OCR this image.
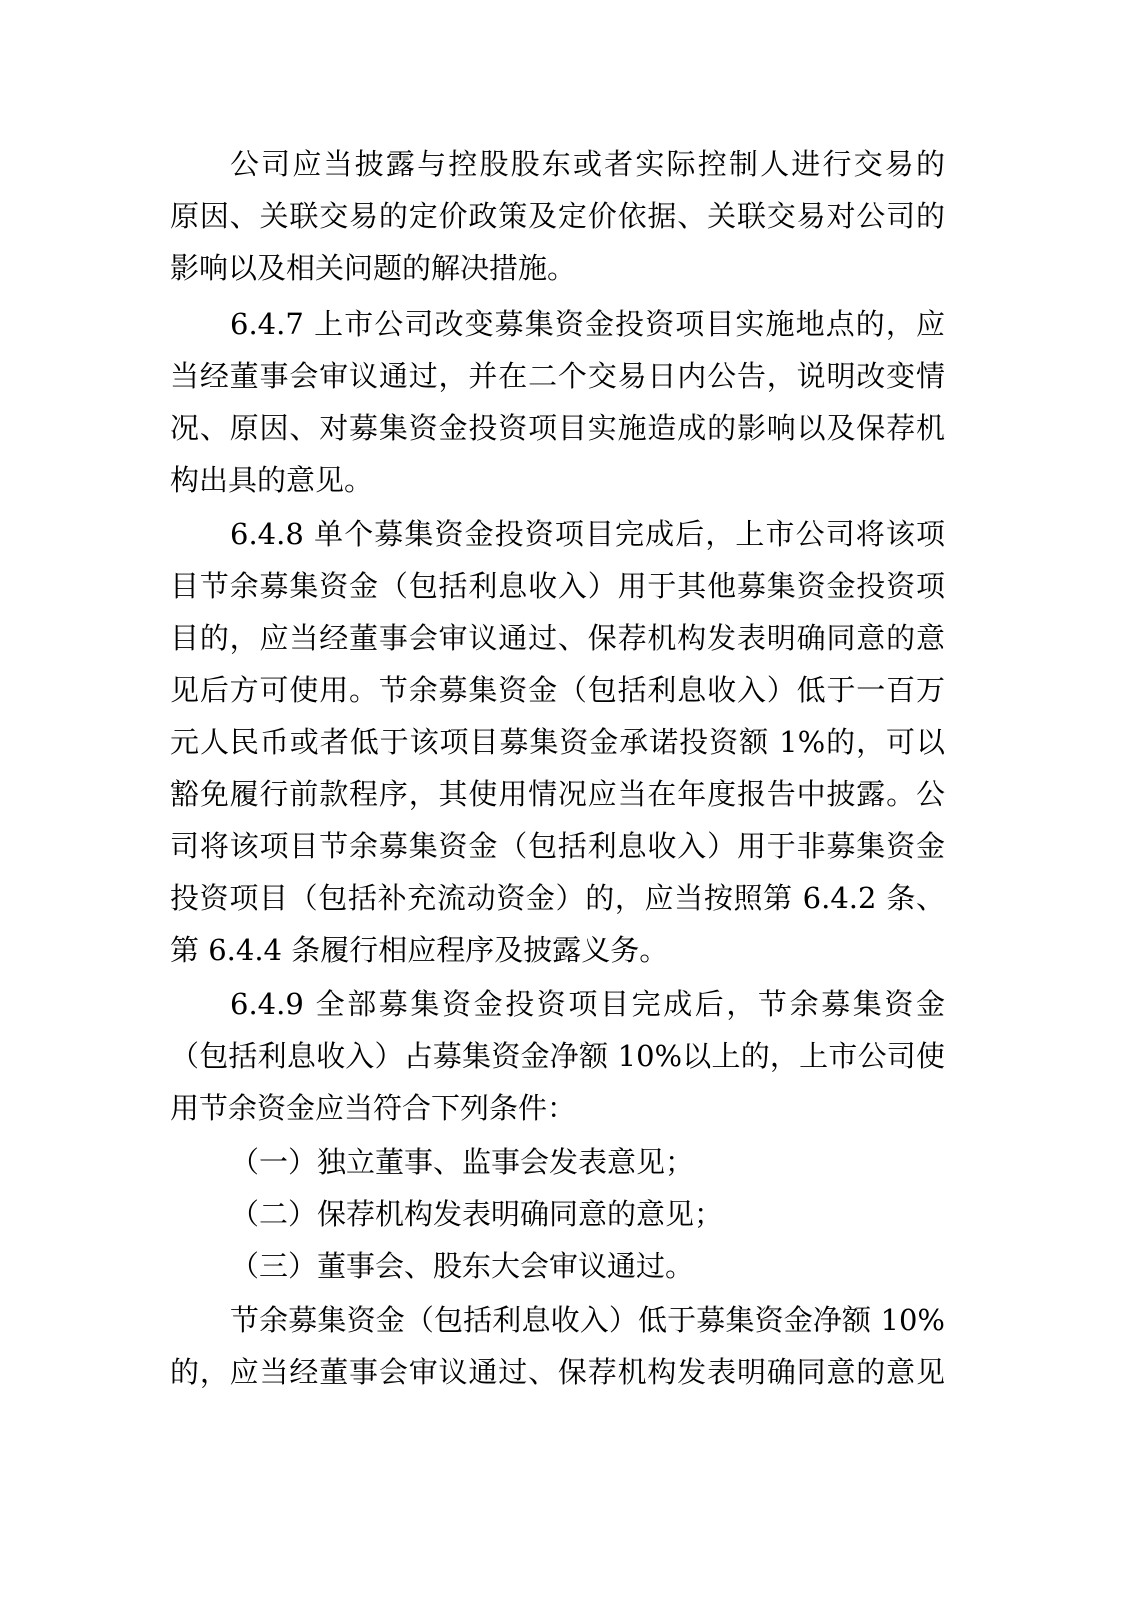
公司应当披露与控股股东或者实际控制人进行交易的
原因、关联交易的定价政策及定价依据、关联交易对公司的
影响以及相关问题的解决措施。
6.4.7 上市公司改变募集资金投资项目实施地点的，应
当经董事会审议通过，并在二个交易日内公告，说明改变情
况、原因、对募集资金投资项目实施造成的影响以及保荐机
构出具的意见。
6.4.8 单个募集资金投资项目完成后，上市公司将该项
目节余募集资金（包括利息收入）用于其他募集资金投资项
目的，应当经董事会审议通过、保荐机构发表明确同意的意
见后方可使用。节余募集资金（包括利息收入）低于一百万
元人民币或者低于该项目募集资金承诺投资额 1%的，可以
豁免履行前款程序，其使用情况应当在年度报告中披露。公
司将该项目节余募集资金（包括利息收入）用于非募集资金
投资项目（包括补充流动资金）的，应当按照第 6.4.2 条、
第 6.4.4 条履行相应程序及披露义务。
6.4.9 全部募集资金投资项目完成后，节余募集资金
（包括利息收入）占募集资金净额 10%以上的，上市公司使
用节余资金应当符合下列条件：
（一）独立董事、监事会发表意见；
（二）保荐机构发表明确同意的意见；
（三）董事会、股东大会审议通过。
节余募集资金（包括利息收入）低于募集资金净额 10%
的，应当经董事会审议通过、保荐机构发表明确同意的意见
